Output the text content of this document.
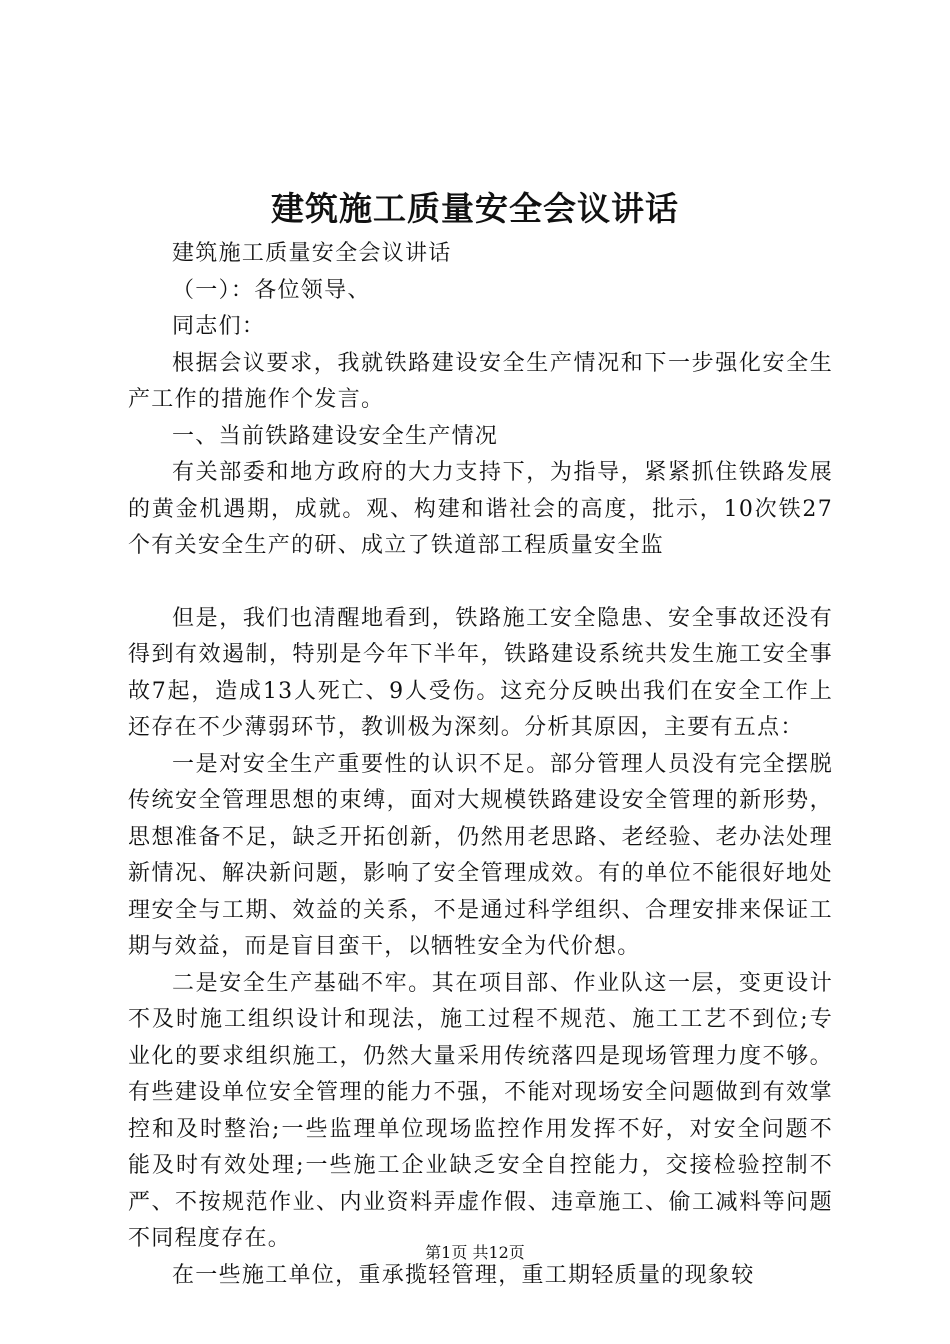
建筑施工质量安全会议讲话

建筑施工质量安全会议讲话

（一）：各位领导、

同志们：

根据会议要求，我就铁路建设安全生产情况和下一步强化安全生产工作的措施作个发言。

一、当前铁路建设安全生产情况

有关部委和地方政府的大力支持下，为指导，紧紧抓住铁路发展的黄金机遇期，成就。观、构建和谐社会的高度，批示，10次铁27个有关安全生产的研、成立了铁道部工程质量安全监

但是，我们也清醒地看到，铁路施工安全隐患、安全事故还没有得到有效遏制，特别是今年下半年，铁路建设系统共发生施工安全事故7起，造成13人死亡、9人受伤。这充分反映出我们在安全工作上还存在不少薄弱环节，教训极为深刻。分析其原因，主要有五点：

一是对安全生产重要性的认识不足。部分管理人员没有完全摆脱传统安全管理思想的束缚，面对大规模铁路建设安全管理的新形势，思想准备不足，缺乏开拓创新，仍然用老思路、老经验、老办法处理新情况、解决新问题，影响了安全管理成效。有的单位不能很好地处理安全与工期、效益的关系，不是通过科学组织、合理安排来保证工期与效益，而是盲目蛮干，以牺牲安全为代价想。

二是安全生产基础不牢。其在项目部、作业队这一层，变更设计不及时施工组织设计和现法，施工过程不规范、施工工艺不到位;专业化的要求组织施工，仍然大量采用传统落四是现场管理力度不够。有些建设单位安全管理的能力不强，不能对现场安全问题做到有效掌控和及时整治;一些监理单位现场监控作用发挥不好，对安全问题不能及时有效处理;一些施工企业缺乏安全自控能力，交接检验控制不严、不按规范作业、内业资料弄虚作假、违章施工、偷工减料等问题不同程度存在。

在一些施工单位，重承揽轻管理，重工期轻质量的现象较

第1页 共12页
